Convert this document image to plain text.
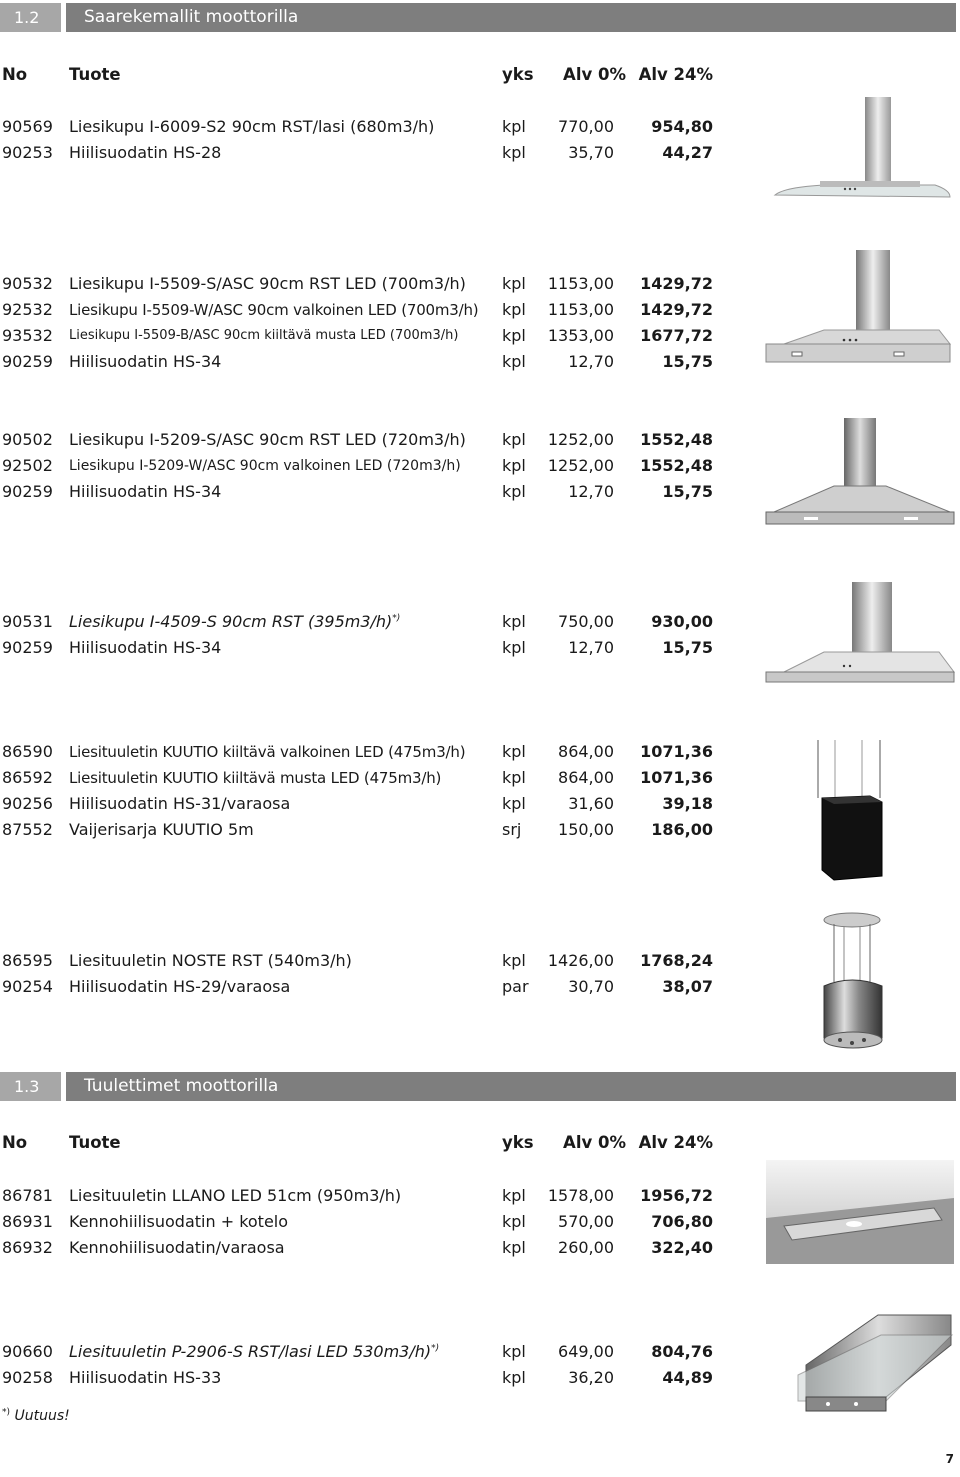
1.2	Saarekemallit moottorilla
No	Tuote	yks Alv 0% Alv 24%
90569 Liesikupu I-6009-S2 90cm RST/lasi (680m3/h)	kpl 770,00 954,80
90253 Hiilisuodatin HS-28	kpl	35,70	44,27
90532 Liesikupu I-5509-S/ASC 90cm RST LED (700m3/h) kpl 1153,00 1429,72
92532 Liesikupu I-5509-W/ASC 90cm valkoinen LED (700m3/h) kpl 1153,00 1429,72
93532 Liesikupu I-5509-B/ASC 90cm kiiltävä musta LED (700m3/h)	kpl 1353,00 1677,72
90259 Hiilisuodatin HS-34	kpl	12,70	15,75
90502 Liesikupu I-5209-S/ASC 90cm RST LED (720m3/h) kpl 1252,00 1552,48
92502 Liesikupu I-5209-W/ASC 90cm valkoinen LED (720m3/h)	kpl 1252,00 1552,48
90259 Hiilisuodatin HS-34	kpl	12,70	15,75
90531 Liesikupu I-4509-S 90cm RST (395m3/h)*)	kpl 750,00 930,00
90259 Hiilisuodatin HS-34	kpl	12,70	15,75
86590 Liesituuletin KUUTIO kiiltävä valkoinen LED (475m3/h) kpl 864,00 1071,36
86592 Liesituuletin KUUTIO kiiltävä musta LED (475m3/h)	kpl 864,00 1071,36
90256 Hiilisuodatin HS-31/varaosa	kpl	31,60	39,18
87552 Vaijerisarja KUUTIO 5m	srj 150,00 186,00
86595 Liesituuletin NOSTE RST (540m3/h)	kpl 1426,00 1768,24
90254 Hiilisuodatin HS-29/varaosa	par 30,70	38,07
1.3	Tuulettimet moottorilla
No	Tuote	yks Alv 0% Alv 24%
86781 Liesituuletin LLANO LED 51cm (950m3/h)	kpl 1578,00 1956,72
86931 Kennohiilisuodatin + kotelo	kpl 570,00 706,80
86932 Kennohiilisuodatin/varaosa	kpl 260,00 322,40
90660 Liesituuletin P-2906-S RST/lasi LED 530m3/h)*)	kpl 649,00 804,76
90258 Hiilisuodatin HS-33	kpl	36,20	44,89
*) Uutuus!
7
